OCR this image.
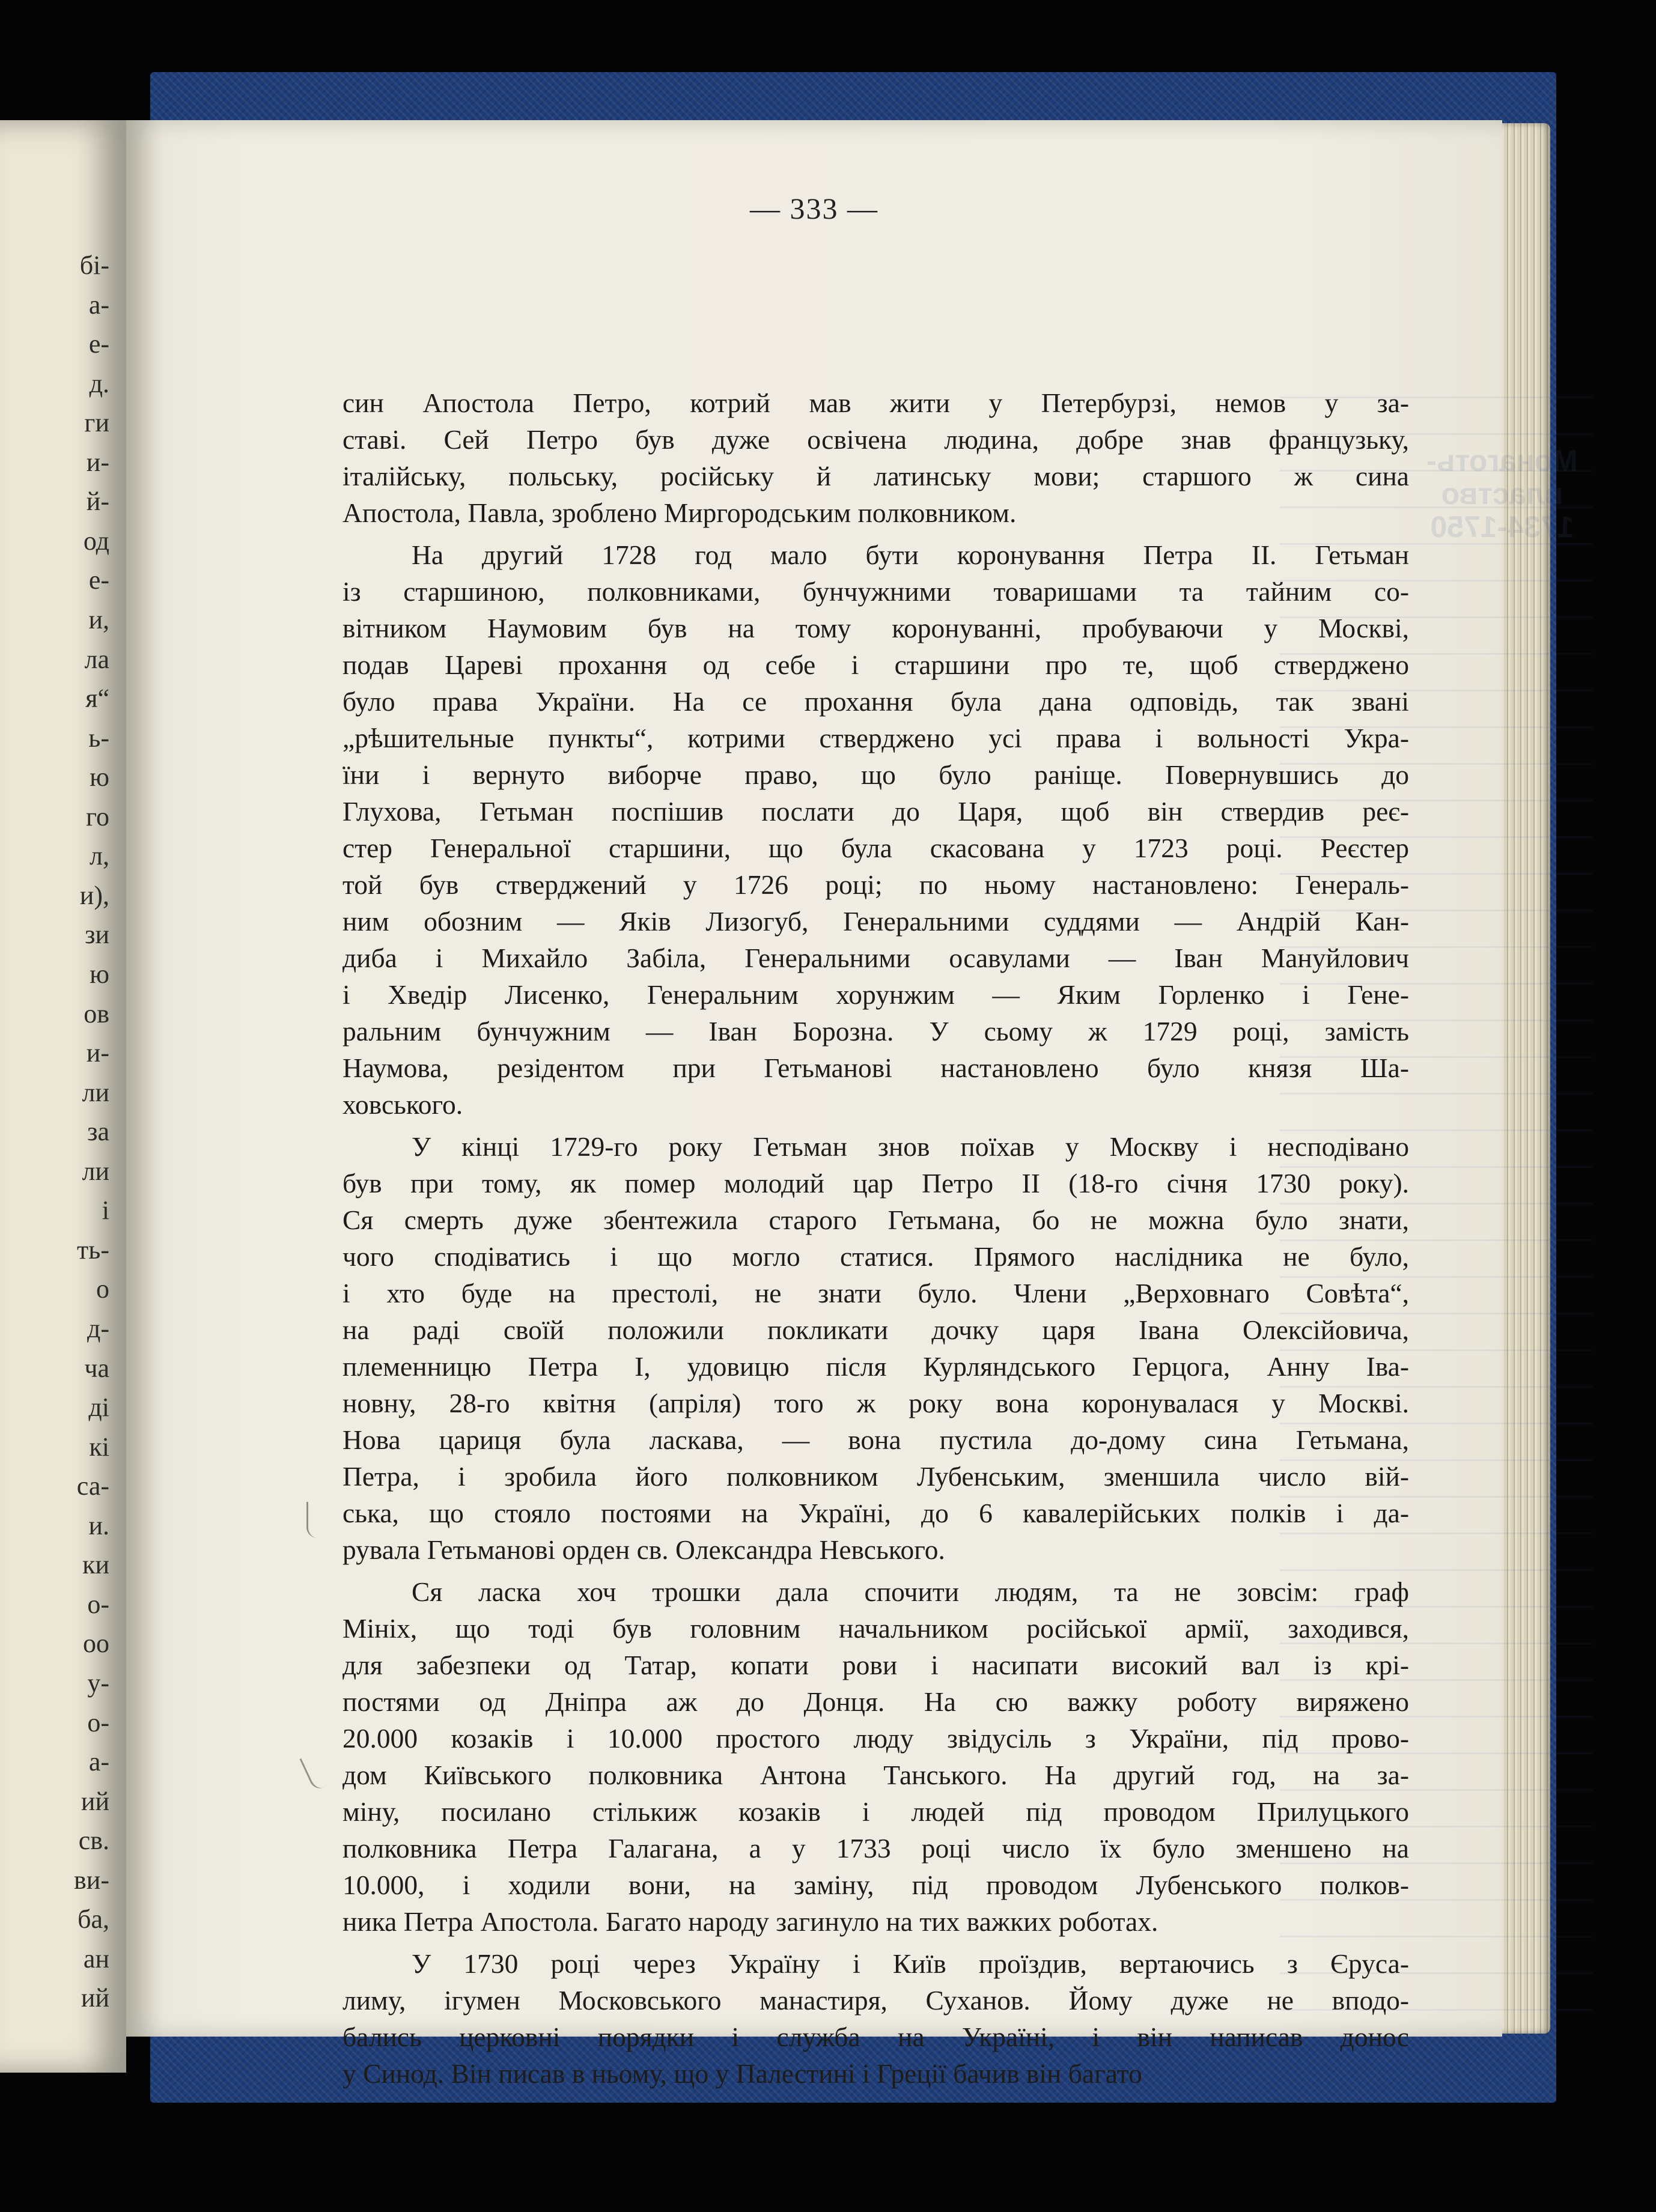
бі-
а-
е-
д.
ги
и-
й-
од
е-
и,
ла
я“
ь-
ю
го
л,
и),
зи
ю
ов
и-
ли
за
ли
і
ть-
о
д-
ча
ді
кі
са-
и.
ки
о-
оо
у-
о-
а-
ий
св.
ви-
ба,
ан
ий
Монаготь-
властво
1734-1750
— 333 —
син Апостола Петро, котрий мав жити у Петербурзі, немов у за-
ставі. Сей Петро був дуже освічена людина, добре знав французьку,
італійську, польську, російську й латинську мови; старшого ж сина
Апостола, Павла, зроблено Миргородським полковником.
На другий 1728 год мало бути коронування Петра II. Гетьман
із старшиною, полковниками, бунчужними товаришами та тайним со-
вітником Наумовим був на тому коронуванні, пробуваючи у Москві,
подав Цареві прохання од себе і старшини про те, щоб стверджено
було права України. На се прохання була дана одповідь, так звані
„рѣшительные пункты“, котрими стверджено усі права і вольності Укра-
їни і вернуто виборче право, що було раніще. Повернувшись до
Глухова, Гетьман поспішив послати до Царя, щоб він ствердив реє-
стер Генеральної старшини, що була скасована у 1723 році. Реєстер
той був стверджений у 1726 році; по ньому настановлено: Генераль-
ним обозним — Яків Лизогуб, Генеральними суддями — Андрій Кан-
диба і Михайло Забіла, Генеральними осавулами — Іван Мануйлович
і Хведір Лисенко, Генеральним хорунжим — Яким Горленко і Гене-
ральним бунчужним — Іван Борозна. У сьому ж 1729 році, замість
Наумова, резідентом при Гетьманові настановлено було князя Ша-
ховського.
У кінці 1729-го року Гетьман знов поїхав у Москву і несподівано
був при тому, як помер молодий цар Петро II (18-го січня 1730 року).
Ся смерть дуже збентежила старого Гетьмана, бо не можна було знати,
чого сподіватись і що могло статися. Прямого наслідника не було,
і хто буде на престолі, не знати було. Члени „Верховнаго Совѣта“,
на раді своїй положили покликати дочку царя Івана Олексійовича,
племенницю Петра I, удовицю після Курляндського Герцога, Анну Іва-
новну, 28-го квітня (апріля) того ж року вона коронувалася у Москві.
Нова цариця була ласкава, — вона пустила до-дому сина Гетьмана,
Петра, і зробила його полковником Лубенським, зменшила число вій-
ська, що стояло постоями на Україні, до 6 кавалерійських полків і да-
рувала Гетьманові орден св. Олександра Невського.
Ся ласка хоч трошки дала спочити людям, та не зовсім: граф
Мініх, що тоді був головним начальником російської армії, заходився,
для забезпеки од Татар, копати рови і насипати високий вал із крі-
постями од Дніпра аж до Донця. На сю важку роботу виряжено
20.000 козаків і 10.000 простого люду звідусіль з України, під прово-
дом Київського полковника Антона Танського. На другий год, на за-
міну, посилано стількиж козаків і людей під проводом Прилуцького
полковника Петра Галагана, а у 1733 році число їх було зменшено на
10.000, і ходили вони, на заміну, під проводом Лубенського полков-
ника Петра Апостола. Багато народу загинуло на тих важких роботах.
У 1730 році через Україну і Київ проїздив, вертаючись з Єруса-
лиму, ігумен Московського манастиря, Суханов. Йому дуже не вподо-
бались церковні порядки і служба на Україні, і він написав донос
у Синод. Він писав в ньому, що у Палестині і Греції бачив він багато
